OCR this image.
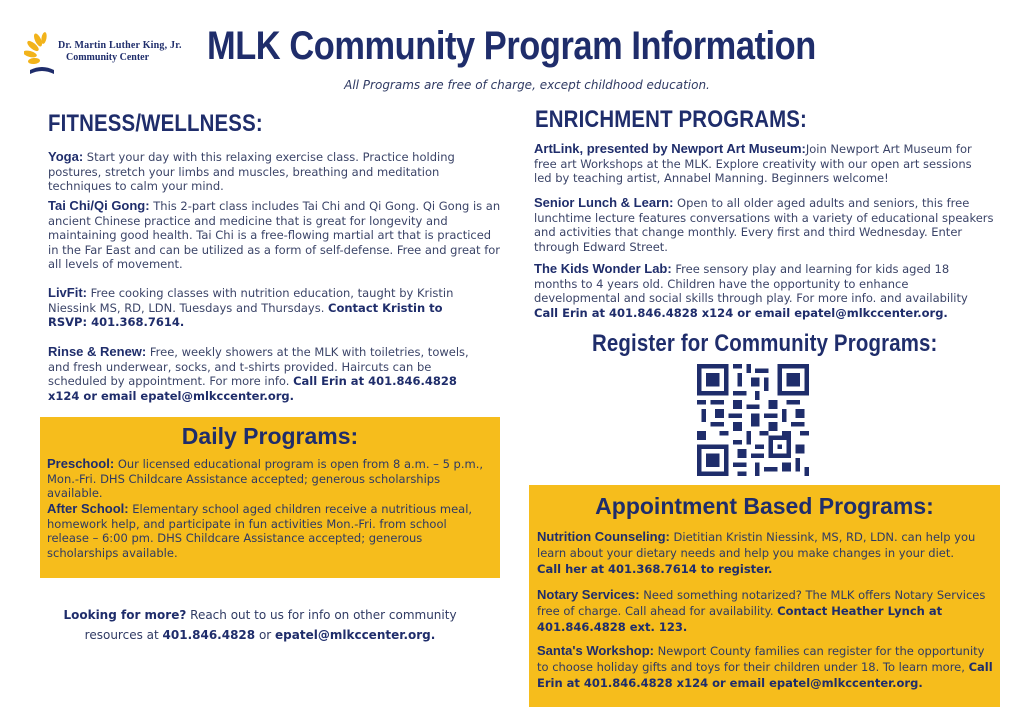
Dr. Martin Luther King, Jr.
Community Center MLK Community Program Information
All Programs are free of charge, except childhood education.
FITNESS/WELLNESS:
Yoga: Start your day with this relaxing exercise class. Practice holding postures, stretch your limbs and muscles, breathing and meditation techniques to calm your mind.
Tai Chi/Qi Gong: This 2-part class includes Tai Chi and Qi Gong. Qi Gong is an ancient Chinese practice and medicine that is great for longevity and maintaining good health. Tai Chi is a free-flowing martial art that is practiced in the Far East and can be utilized as a form of self-defense. Free and great for all levels of movement.
LivFit: Free cooking classes with nutrition education, taught by Kristin Niessink MS, RD, LDN. Tuesdays and Thursdays. Contact Kristin to RSVP: 401.368.7614.
Rinse & Renew: Free, weekly showers at the MLK with toiletries, towels, and fresh underwear, socks, and t-shirts provided. Haircuts can be scheduled by appointment. For more info. Call Erin at 401.846.4828 x124 or email epatel@mlkccenter.org.
Daily Programs:
Preschool: Our licensed educational program is open from 8 a.m. – 5 p.m., Mon.-Fri. DHS Childcare Assistance accepted; generous scholarships available.
After School: Elementary school aged children receive a nutritious meal, homework help, and participate in fun activities Mon.-Fri. from school release – 6:00 pm. DHS Childcare Assistance accepted; generous scholarships available.
Looking for more? Reach out to us for info on other community resources at 401.846.4828 or epatel@mlkccenter.org.
ENRICHMENT PROGRAMS:
ArtLink, presented by Newport Art Museum:Join Newport Art Museum for free art Workshops at the MLK. Explore creativity with our open art sessions led by teaching artist, Annabel Manning. Beginners welcome!
Senior Lunch & Learn: Open to all older aged adults and seniors, this free lunchtime lecture features conversations with a variety of educational speakers and activities that change monthly. Every first and third Wednesday. Enter through Edward Street.
The Kids Wonder Lab: Free sensory play and learning for kids aged 18 months to 4 years old. Children have the opportunity to enhance developmental and social skills through play. For more info. and availability Call Erin at 401.846.4828 x124 or email epatel@mlkccenter.org.
Register for Community Programs:
Appointment Based Programs:
Nutrition Counseling: Dietitian Kristin Niessink, MS, RD, LDN. can help you learn about your dietary needs and help you make changes in your diet.
Call her at 401.368.7614 to register.
Notary Services: Need something notarized? The MLK offers Notary Services free of charge. Call ahead for availability. Contact Heather Lynch at 401.846.4828 ext. 123.
Santa's Workshop: Newport County families can register for the opportunity to choose holiday gifts and toys for their children under 18. To learn more, Call Erin at 401.846.4828 x124 or email epatel@mlkccenter.org.
